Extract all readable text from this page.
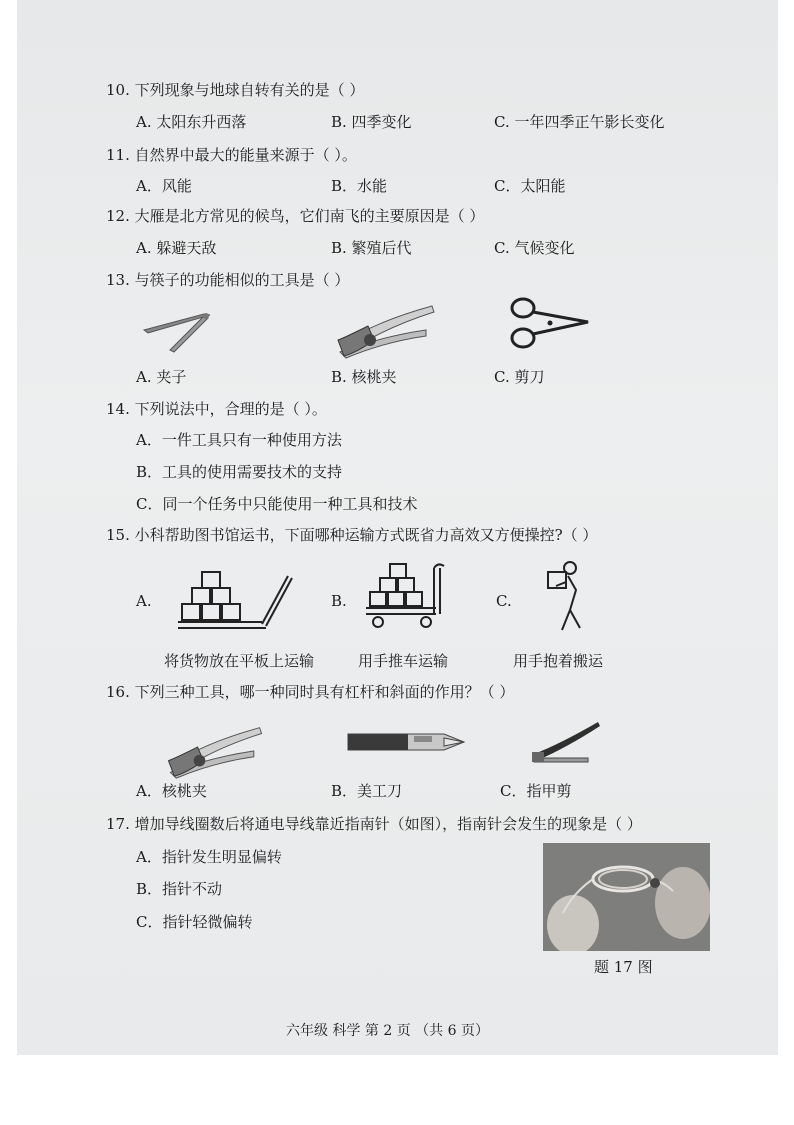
10. 下列现象与地球自转有关的是（ ）
A. 太阳东升西落	B. 四季变化	C. 一年四季正午影长变化
11. 自然界中最大的能量来源于（ ）。
A．风能	B．水能	C．太阳能
12. 大雁是北方常见的候鸟，它们南飞的主要原因是（ ）
A. 躲避天敌	B. 繁殖后代	C. 气候变化
13. 与筷子的功能相似的工具是（ ）
A. 夹子	B. 核桃夹	C. 剪刀
14. 下列说法中，合理的是（ ）。
A．一件工具只有一种使用方法
B．工具的使用需要技术的支持
C．同一个任务中只能使用一种工具和技术
15. 小科帮助图书馆运书，下面哪种运输方式既省力高效又方便操控?（ ）
A.	B.	C.
将货物放在平板上运输	用手推车运输	用手抱着搬运
16. 下列三种工具，哪一种同时具有杠杆和斜面的作用？（ ）
A．核桃夹	B．美工刀	C．指甲剪
17. 增加导线圈数后将通电导线靠近指南针（如图），指南针会发生的现象是（ ）
A．指针发生明显偏转
B．指针不动
C．指针轻微偏转
题 17 图
六年级 科学 第 2 页 （共 6 页）
